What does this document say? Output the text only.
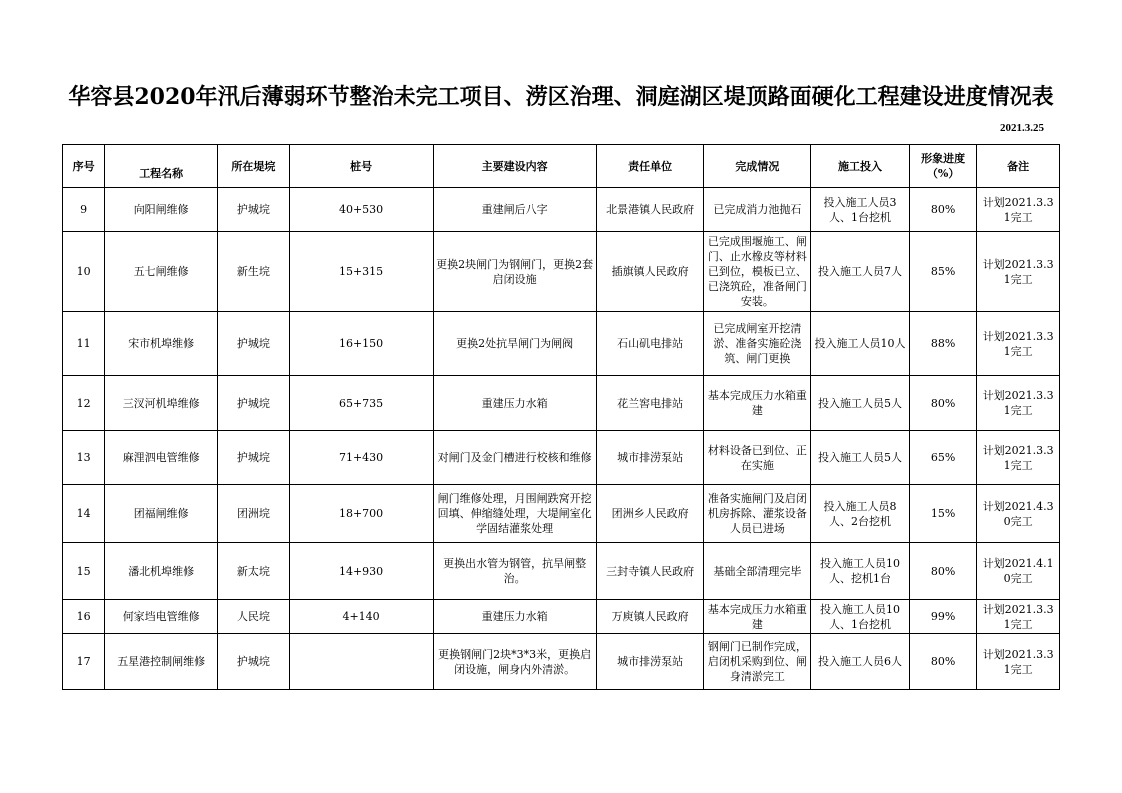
华容县2020年汛后薄弱环节整治未完工项目、涝区治理、洞庭湖区堤顶路面硬化工程建设进度情况表
2021.3.25
序号	工程名称	所在堤垸	桩号	主要建设内容	责任单位	完成情况	施工投入	形象进度（%）	备注
9	向阳闸维修	护城垸	40+530	重建闸后八字	北景港镇人民政府	已完成消力池抛石	投入施工人员3人、1台挖机	80%	计划2021.3.31完工
10	五七闸维修	新生垸	15+315	更换2块闸门为钢闸门，更换2套启闭设施	插旗镇人民政府	已完成围堰施工、闸门、止水橡皮等材料已到位，模板已立、已浇筑砼，准备闸门安装。	投入施工人员7人	85%	计划2021.3.31完工
11	宋市机埠维修	护城垸	16+150	更换2处抗旱闸门为闸阀	石山矶电排站	已完成闸室开挖清淤、准备实施砼浇筑、闸门更换	投入施工人员10人	88%	计划2021.3.31完工
12	三汊河机埠维修	护城垸	65+735	重建压力水箱	花兰窖电排站	基本完成压力水箱重建	投入施工人员5人	80%	计划2021.3.31完工
13	麻浬泗电管维修	护城垸	71+430	对闸门及金门槽进行校核和维修	城市排涝泵站	材料设备已到位、正在实施	投入施工人员5人	65%	计划2021.3.31完工
14	团福闸维修	团洲垸	18+700	闸门维修处理，月围闸跌窝开挖回填、伸缩缝处理，大堤闸室化学固结灌浆处理	团洲乡人民政府	准备实施闸门及启闭机房拆除、灌浆设备人员已进场	投入施工人员8人、2台挖机	15%	计划2021.4.30完工
15	潘北机埠维修	新太垸	14+930	更换出水管为钢管，抗旱闸整治。	三封寺镇人民政府	基础全部清理完毕	投入施工人员10人、挖机1台	80%	计划2021.4.10完工
16	何家垱电管维修	人民垸	4+140	重建压力水箱	万庾镇人民政府	基本完成压力水箱重建	投入施工人员10人、1台挖机	99%	计划2021.3.31完工
17	五星港控制闸维修	护城垸		更换钢闸门2块*3*3米，更换启闭设施，闸身内外清淤。	城市排涝泵站	钢闸门已制作完成，启闭机采购到位、闸身清淤完工	投入施工人员6人	80%	计划2021.3.31完工
